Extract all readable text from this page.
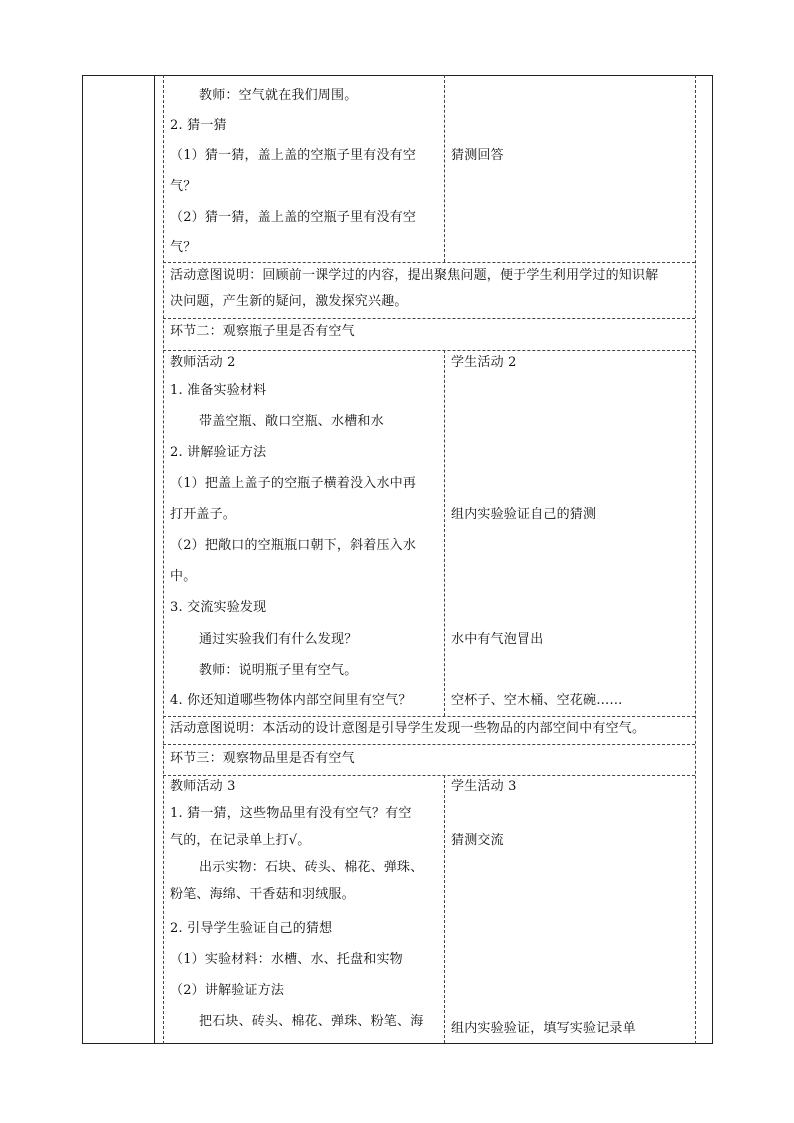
教师：空气就在我们周围。
2. 猜一猜
（1）猜一猜，盖上盖的空瓶子里有没有空
气？
（2）猜一猜，盖上盖的空瓶子里有没有空
气？
猜测回答
活动意图说明：回顾前一课学过的内容，提出聚焦问题，便于学生利用学过的知识解
决问题，产生新的疑问，激发探究兴趣。
环节二：观察瓶子里是否有空气
教师活动 2	学生活动 2
1. 准备实验材料
带盖空瓶、敞口空瓶、水槽和水
2. 讲解验证方法
（1）把盖上盖子的空瓶子横着没入水中再
打开盖子。
（2）把敞口的空瓶瓶口朝下，斜着压入水
中。
3. 交流实验发现
通过实验我们有什么发现？
教师：说明瓶子里有空气。
4. 你还知道哪些物体内部空间里有空气？
组内实验验证自己的猜测
水中有气泡冒出
空杯子、空木桶、空花碗……
活动意图说明：本活动的设计意图是引导学生发现一些物品的内部空间中有空气。
环节三：观察物品里是否有空气
教师活动 3	学生活动 3
1. 猜一猜，这些物品里有没有空气？有空
气的，在记录单上打√。
出示实物：石块、砖头、棉花、弹珠、
粉笔、海绵、干香菇和羽绒服。
2. 引导学生验证自己的猜想
（1）实验材料：水槽、水、托盘和实物
（2）讲解验证方法
把石块、砖头、棉花、弹珠、粉笔、海
猜测交流
组内实验验证，填写实验记录单
